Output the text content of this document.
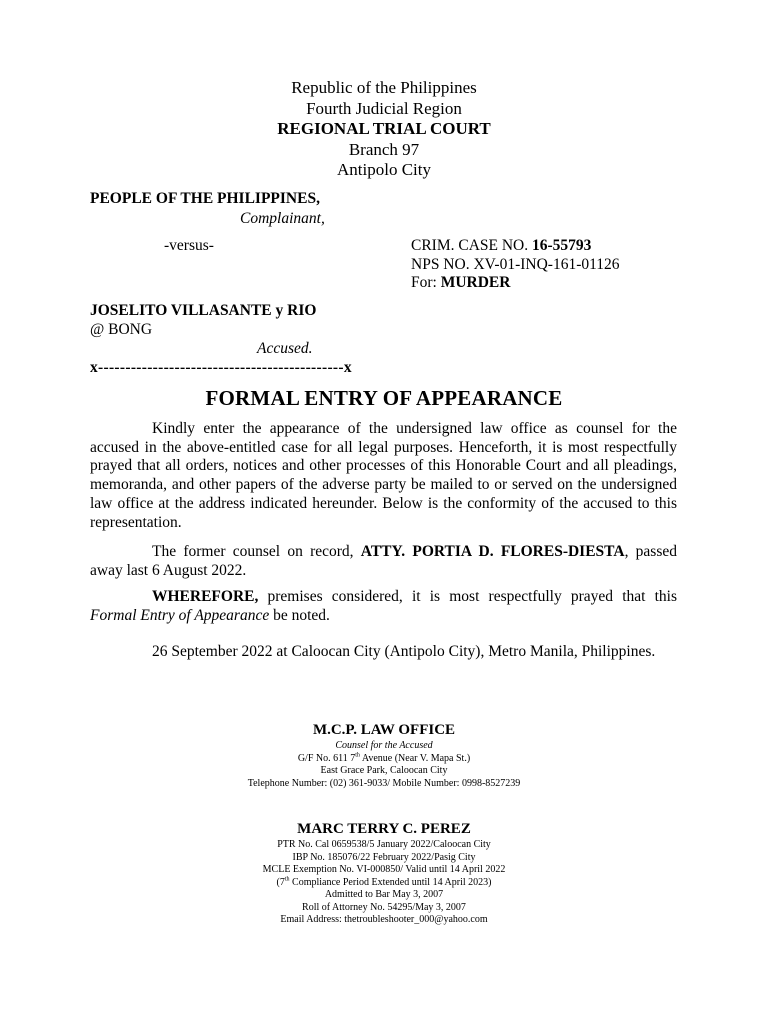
Republic of the Philippines
Fourth Judicial Region
REGIONAL TRIAL COURT
Branch 97
Antipolo City
PEOPLE OF THE PHILIPPINES,
Complainant,
-versus-	CRIM. CASE NO. 16-55793
NPS NO. XV-01-INQ-161-01126
For: MURDER
JOSELITO VILLASANTE y RIO
@ BONG
Accused.
x---------------------------------------------x
FORMAL ENTRY OF APPEARANCE
Kindly enter the appearance of the undersigned law office as counsel for the accused in the above-entitled case for all legal purposes. Henceforth, it is most respectfully prayed that all orders, notices and other processes of this Honorable Court and all pleadings, memoranda, and other papers of the adverse party be mailed to or served on the undersigned law office at the address indicated hereunder. Below is the conformity of the accused to this representation.
The former counsel on record, ATTY. PORTIA D. FLORES-DIESTA, passed away last 6 August 2022.
WHEREFORE, premises considered, it is most respectfully prayed that this Formal Entry of Appearance be noted.
26 September 2022 at Caloocan City (Antipolo City), Metro Manila, Philippines.
M.C.P. LAW OFFICE
Counsel for the Accused
G/F No. 611 7th Avenue (Near V. Mapa St.)
East Grace Park, Caloocan City
Telephone Number: (02) 361-9033/ Mobile Number: 0998-8527239
MARC TERRY C. PEREZ
PTR No. Cal 0659538/5 January 2022/Caloocan City
IBP No. 185076/22 February 2022/Pasig City
MCLE Exemption No. VI-000850/ Valid until 14 April 2022
(7th Compliance Period Extended until 14 April 2023)
Admitted to Bar May 3, 2007
Roll of Attorney No. 54295/May 3, 2007
Email Address: thetroubleshooter_000@yahoo.com
